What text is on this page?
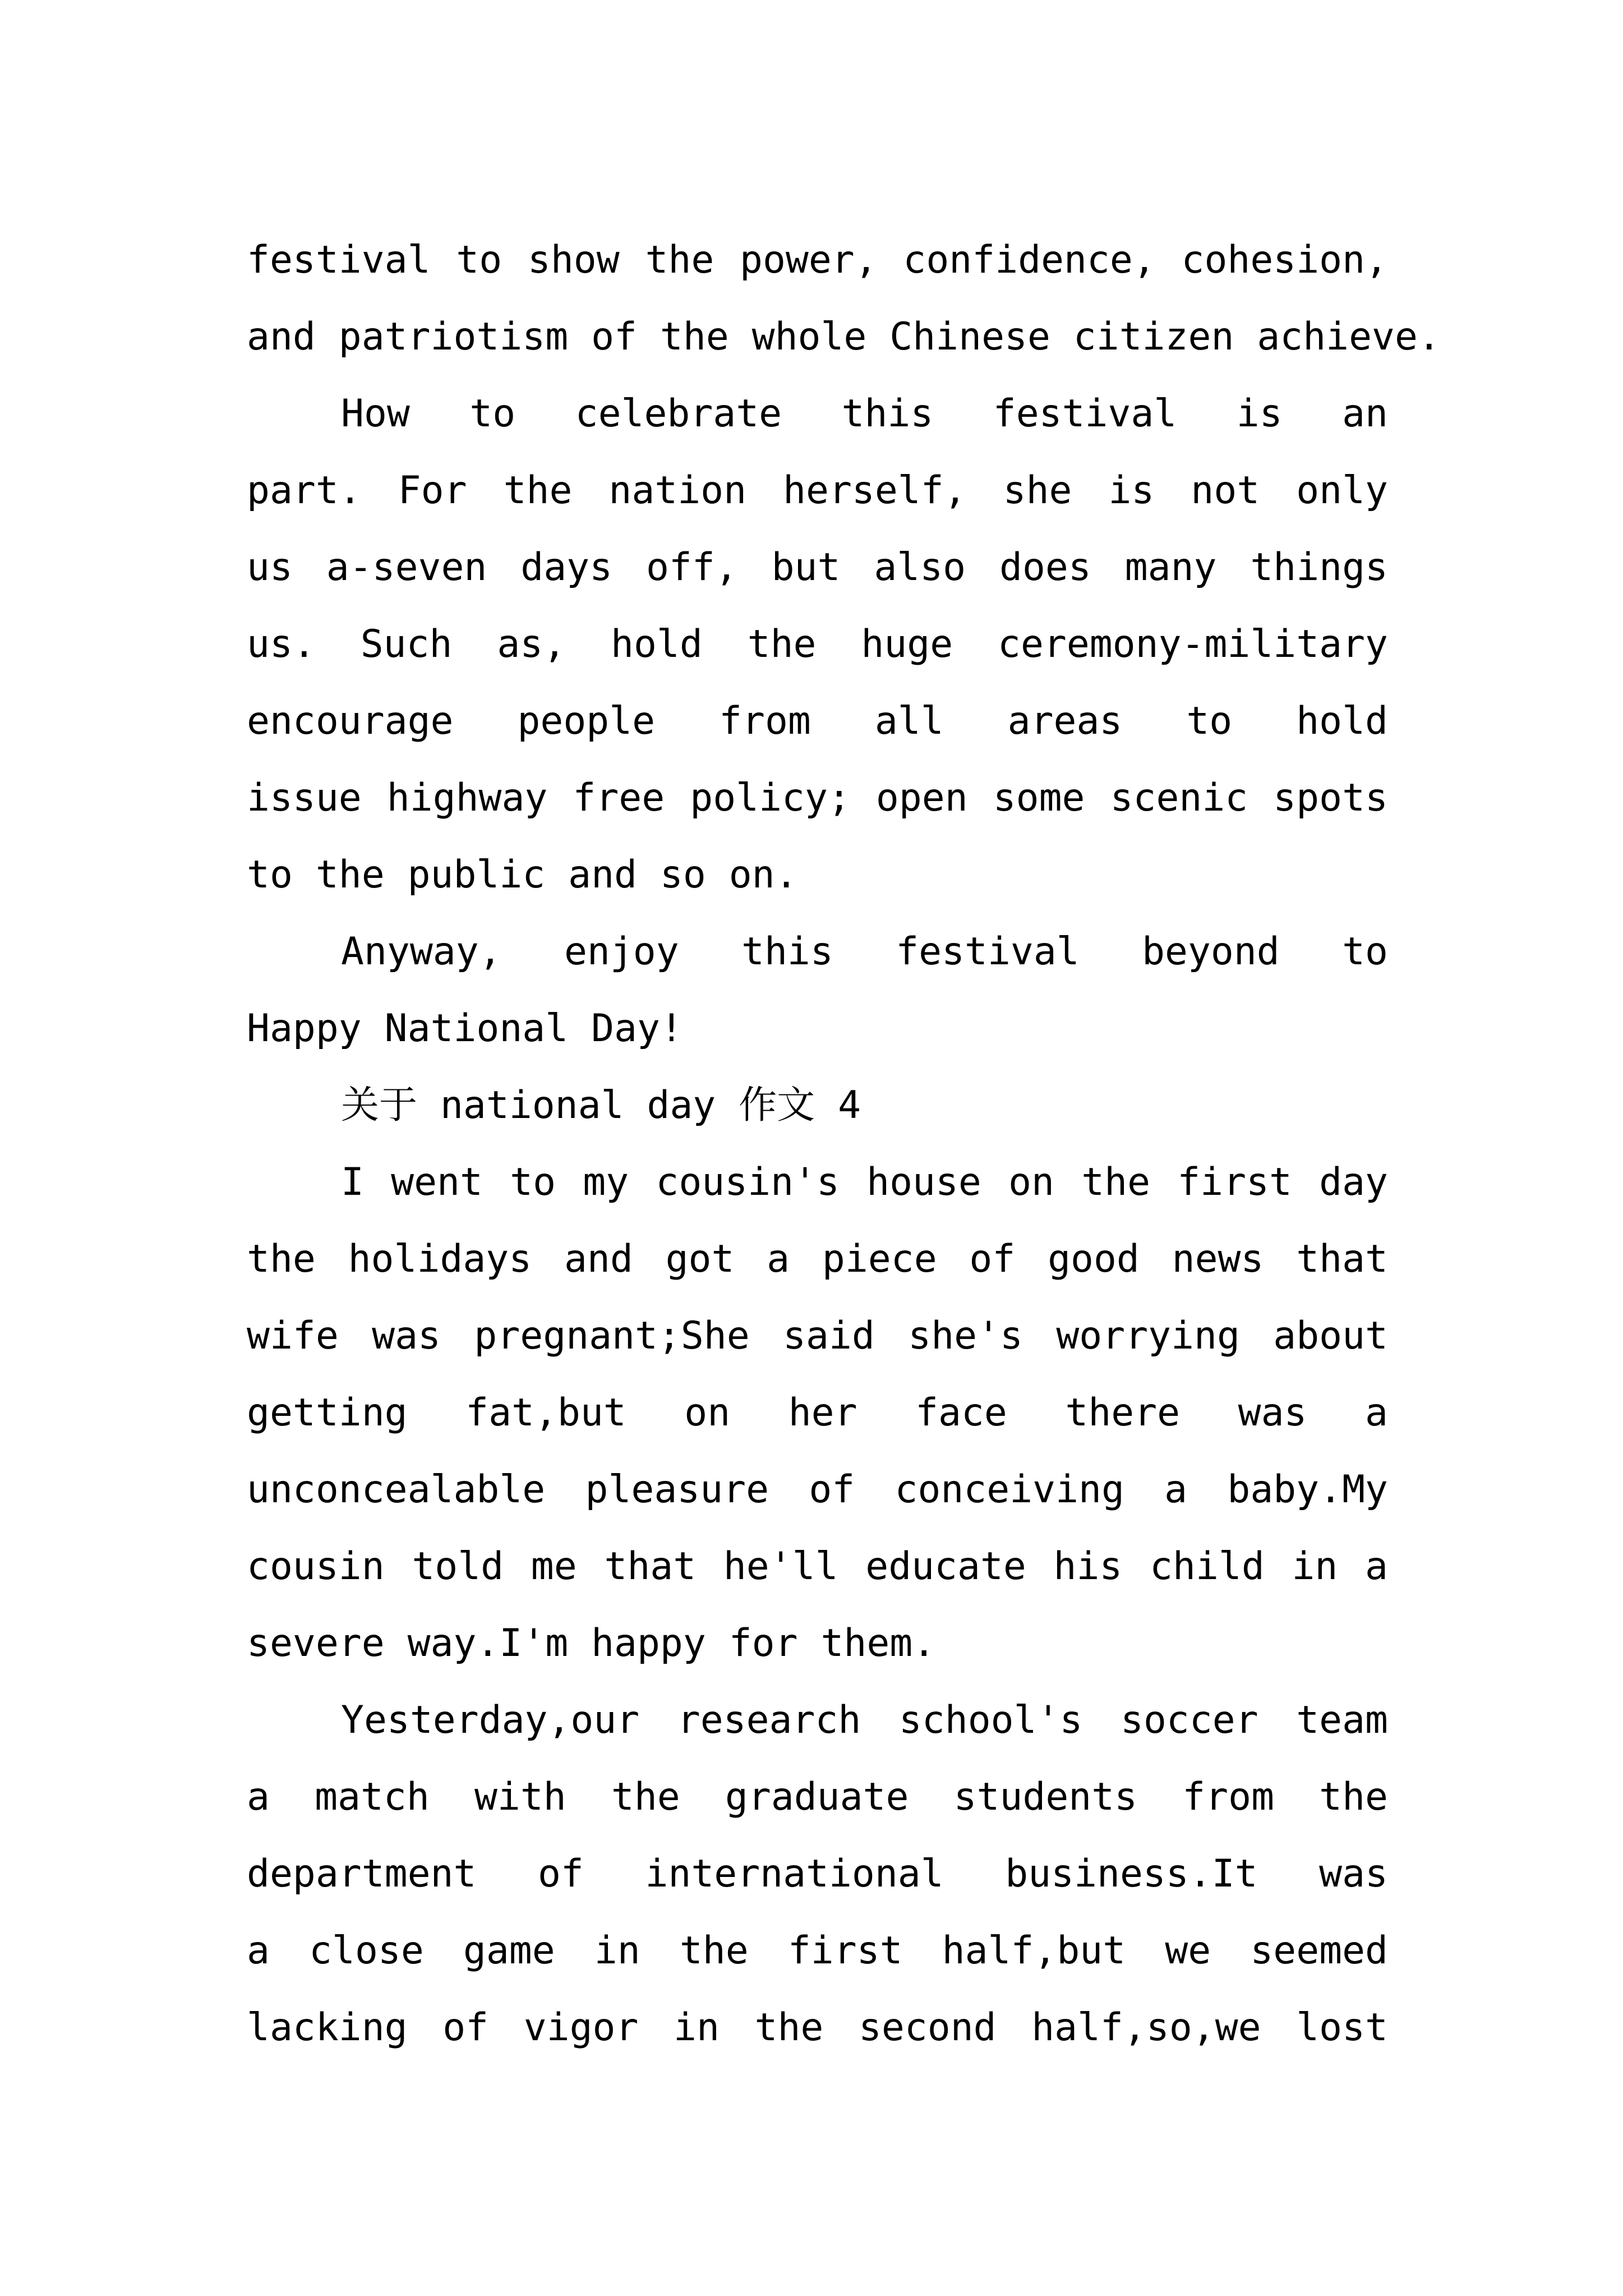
festival to show the power, confidence, cohesion,
and patriotism of the whole Chinese citizen achieve.
How to celebrate this festival is an
part. For the nation herself, she is not only
us a-seven days off, but also does many things
us. Such as, hold the huge ceremony-military
encourage people from all areas to hold
issue highway free policy; open some scenic spots
to the public and so on.
Anyway, enjoy this festival beyond to
Happy National Day!
关于 national day 作文 4
I went to my cousin's house on the first day
the holidays and got a piece of good news that
wife was pregnant;She said she's worrying about
getting fat,but on her face there was a
unconcealable pleasure of conceiving a baby.My
cousin told me that he'll educate his child in a
severe way.I'm happy for them.
Yesterday,our research school's soccer team
a match with the graduate students from the
department of international business.It was
a close game in the first half,but we seemed
lacking of vigor in the second half,so,we lost
